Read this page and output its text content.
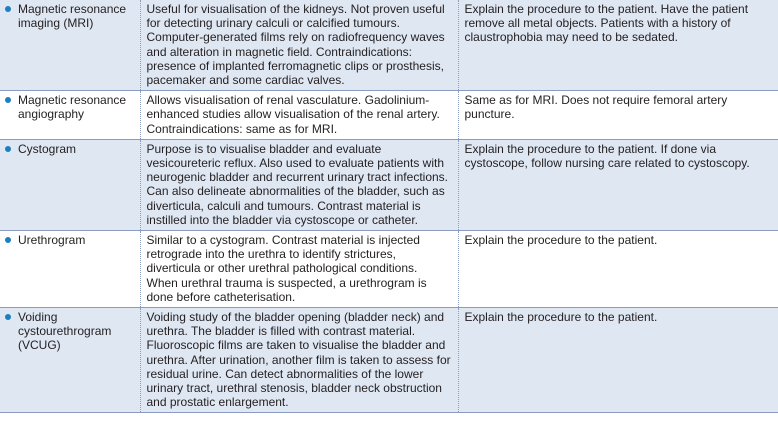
Magnetic resonance imaging (MRI)	Useful for visualisation of the kidneys. Not proven useful for detecting urinary calculi or calcified tumours. Computer-generated films rely on radiofrequency waves and alteration in magnetic field. Contraindications: presence of implanted ferromagnetic clips or prosthesis, pacemaker and some cardiac valves.	Explain the procedure to the patient. Have the patient remove all metal objects. Patients with a history of claustrophobia may need to be sedated.

Magnetic resonance angiography	Allows visualisation of renal vasculature. Gadolinium-enhanced studies allow visualisation of the renal artery. Contraindications: same as for MRI.	Same as for MRI. Does not require femoral artery puncture.

Cystogram	Purpose is to visualise bladder and evaluate vesicoureteric reflux. Also used to evaluate patients with neurogenic bladder and recurrent urinary tract infections. Can also delineate abnormalities of the bladder, such as diverticula, calculi and tumours. Contrast material is instilled into the bladder via cystoscope or catheter.	Explain the procedure to the patient. If done via cystoscope, follow nursing care related to cystoscopy.

Urethrogram	Similar to a cystogram. Contrast material is injected retrograde into the urethra to identify strictures, diverticula or other urethral pathological conditions. When urethral trauma is suspected, a urethrogram is done before catheterisation.	Explain the procedure to the patient.

Voiding cystourethrogram (VCUG)	Voiding study of the bladder opening (bladder neck) and urethra. The bladder is filled with contrast material. Fluoroscopic films are taken to visualise the bladder and urethra. After urination, another film is taken to assess for residual urine. Can detect abnormalities of the lower urinary tract, urethral stenosis, bladder neck obstruction and prostatic enlargement.	Explain the procedure to the patient.
